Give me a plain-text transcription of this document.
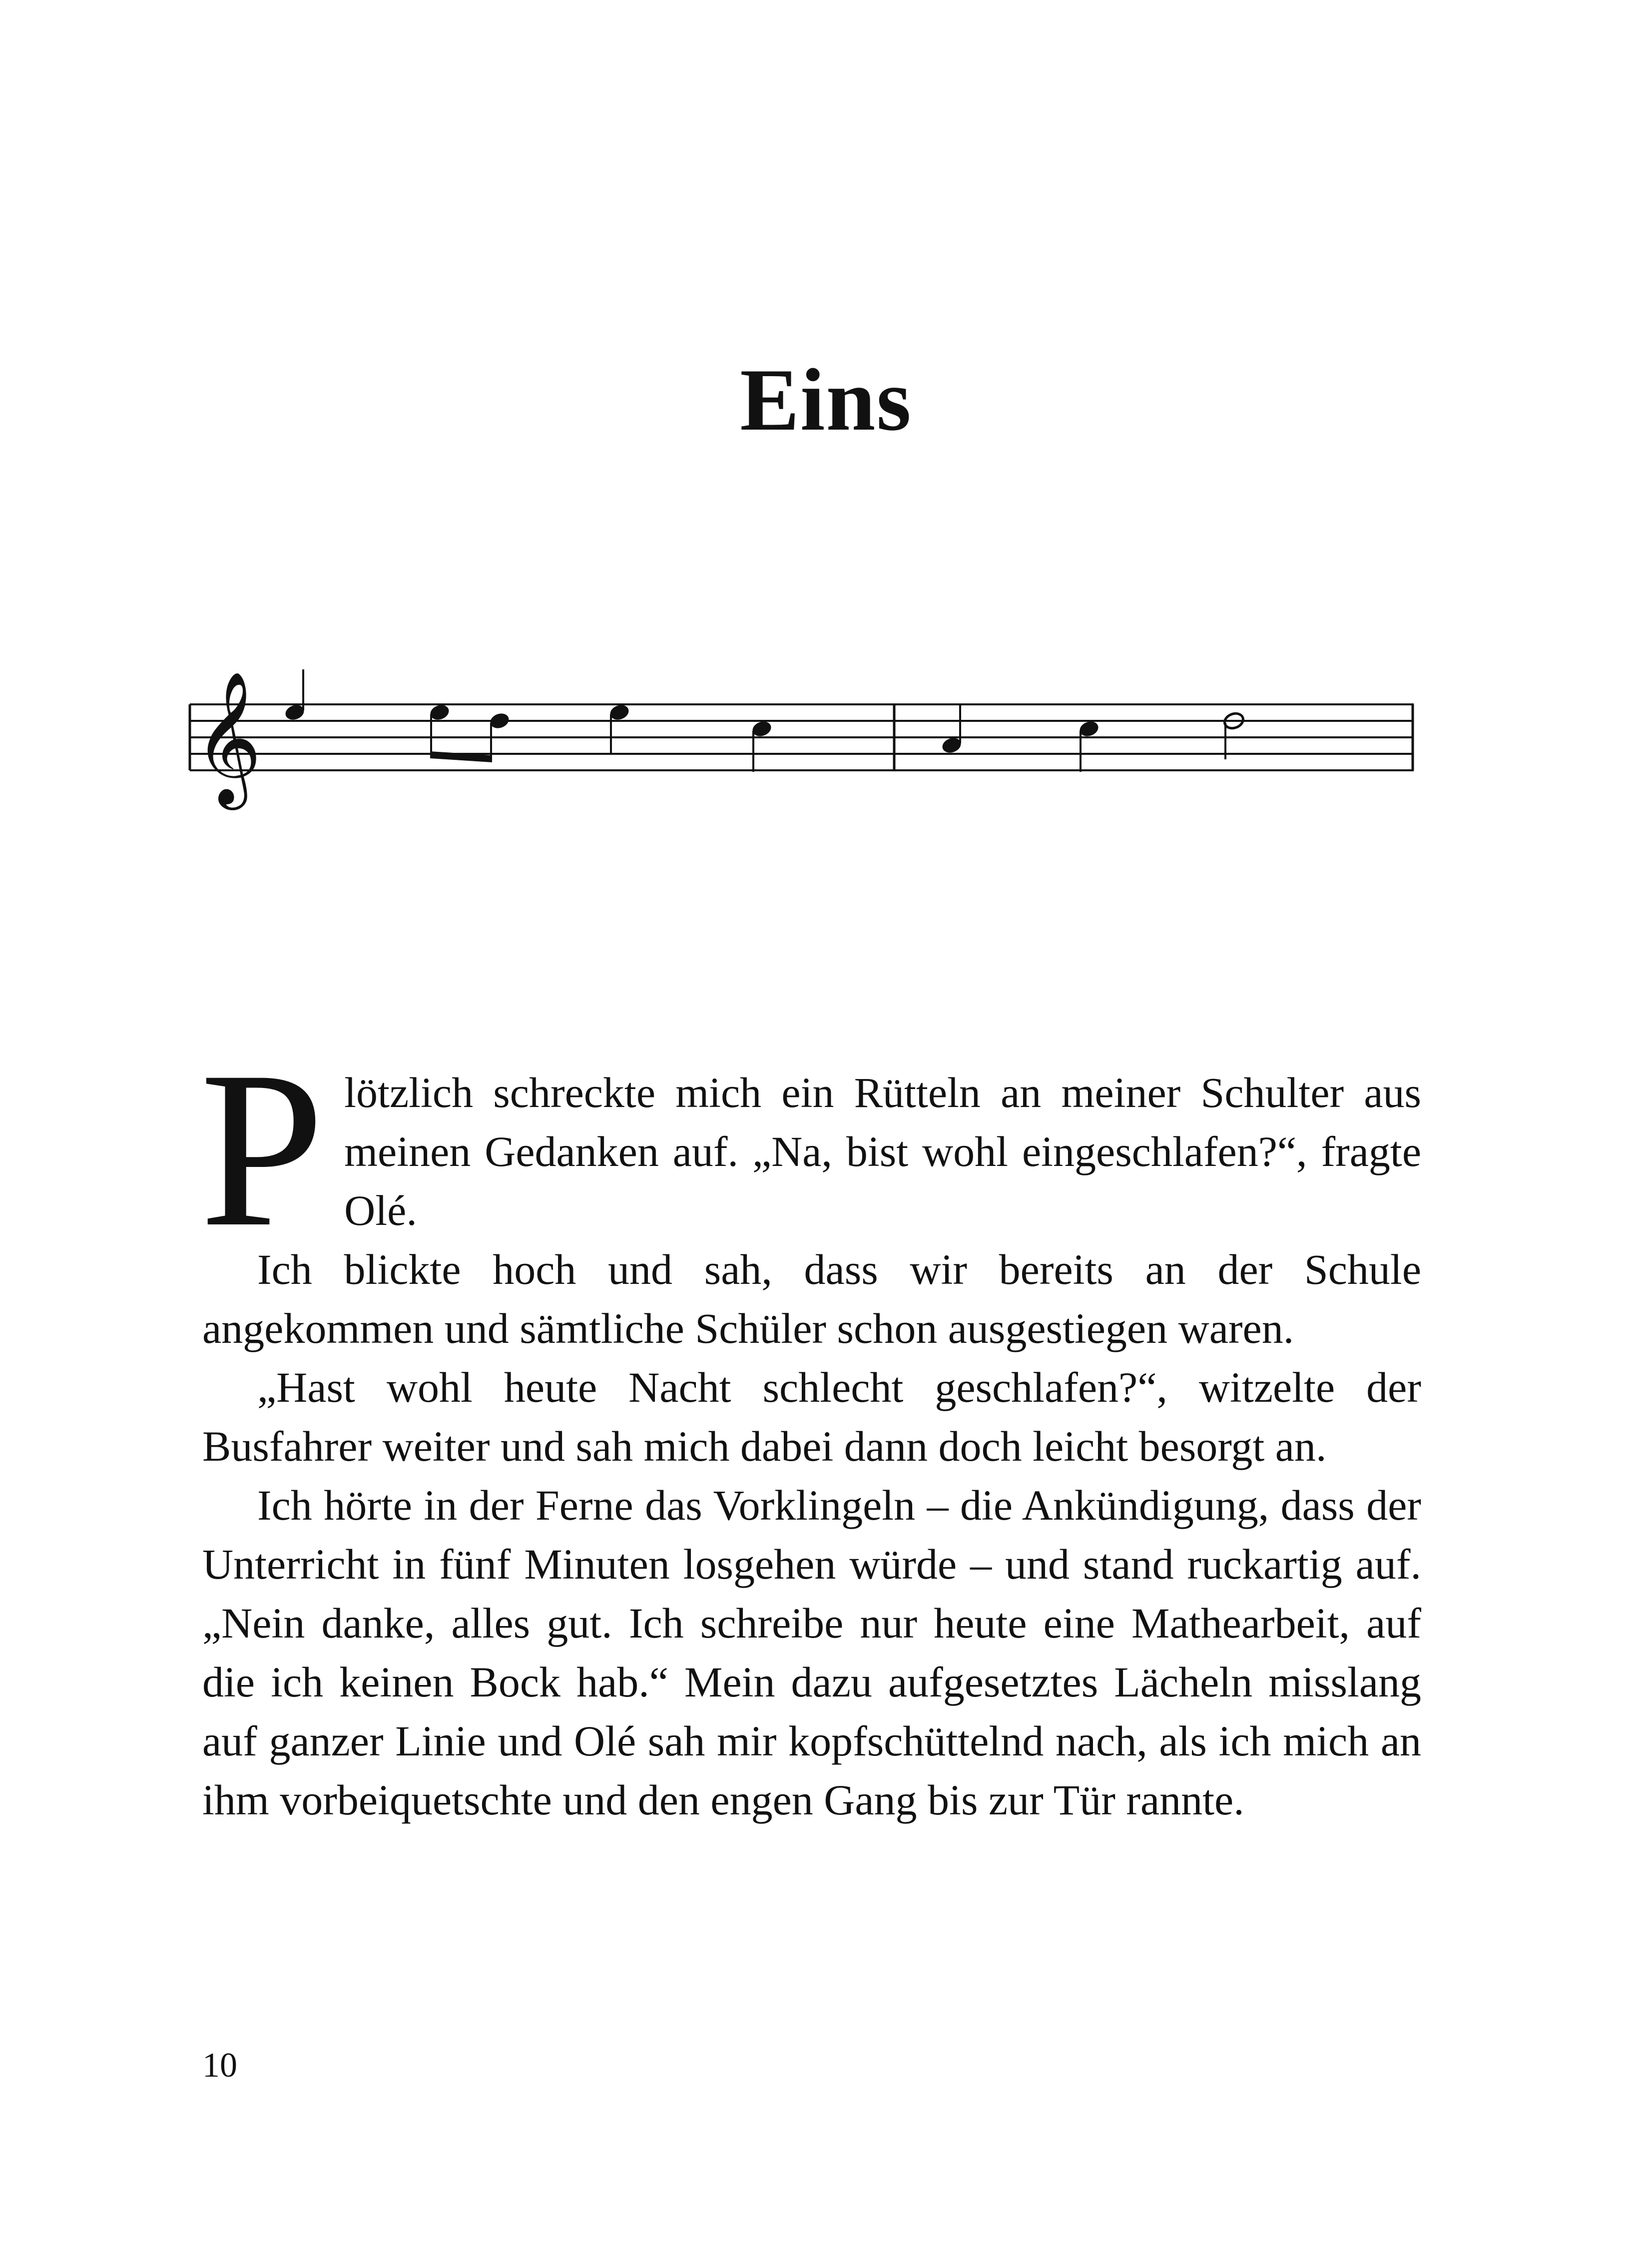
Eins
𝄞

Plötzlich schreckte mich ein Rütteln an meiner Schulter aus meinen Gedanken auf. „Na, bist wohl eingeschlafen?“, fragte Olé.

Ich blickte hoch und sah, dass wir bereits an der Schule angekommen und sämtliche Schüler schon ausgestiegen waren.

„Hast wohl heute Nacht schlecht geschlafen?“, witzelte der Busfahrer weiter und sah mich dabei dann doch leicht besorgt an.

Ich hörte in der Ferne das Vorklingeln – die Ankündigung, dass der Unterricht in fünf Minuten losgehen würde – und stand ruckartig auf. „Nein danke, alles gut. Ich schreibe nur heute eine Mathearbeit, auf die ich keinen Bock hab.“ Mein dazu aufgesetztes Lächeln misslang auf ganzer Linie und Olé sah mir kopfschüttelnd nach, als ich mich an ihm vorbeiquetschte und den engen Gang bis zur Tür rannte.

10
